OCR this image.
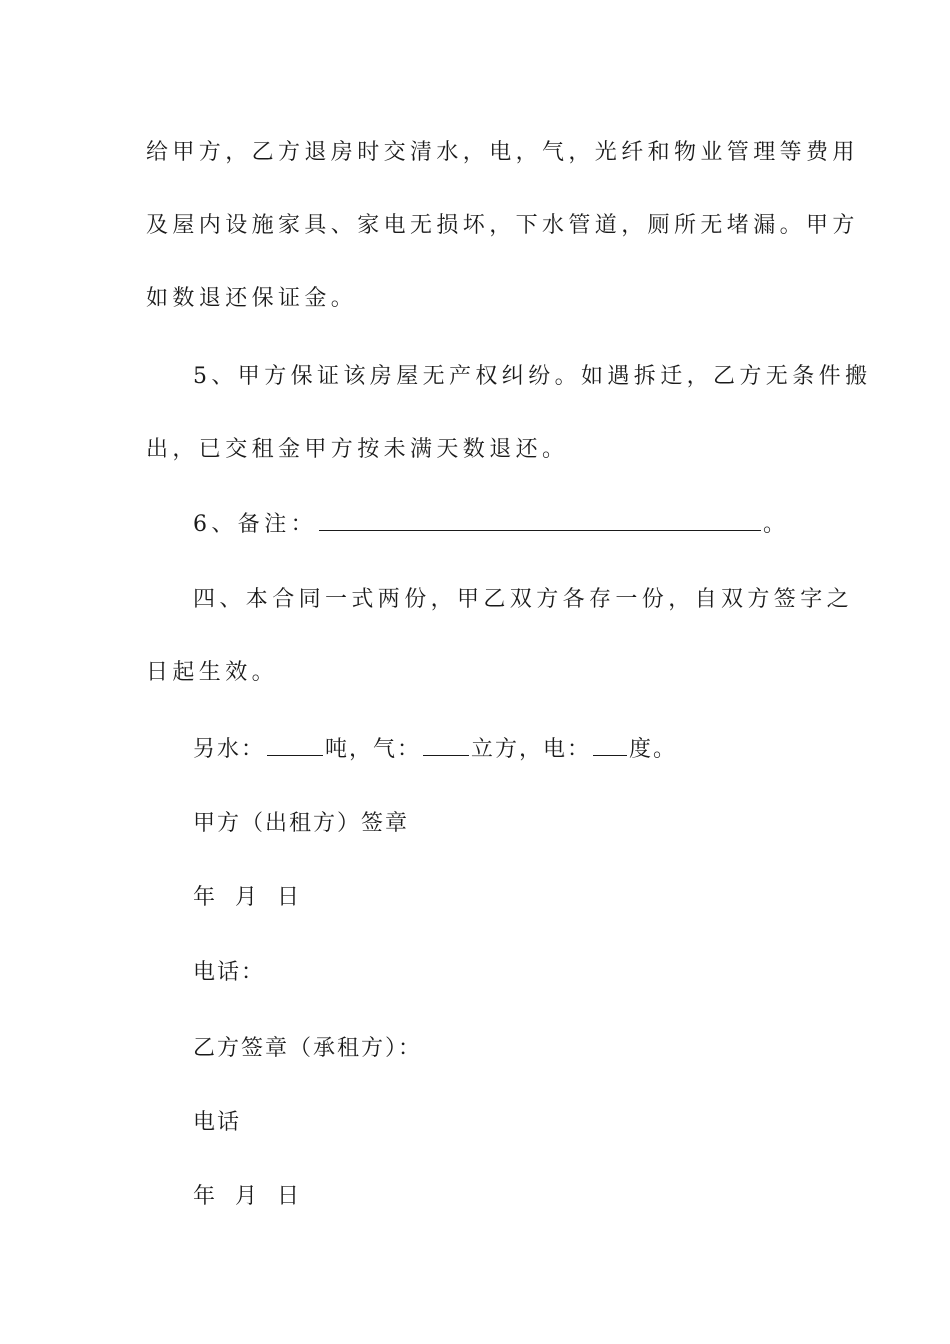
给甲方，乙方退房时交清水，电，气，光纤和物业管理等费用
及屋内设施家具、家电无损坏，下水管道，厕所无堵漏。甲方
如数退还保证金。
5、甲方保证该房屋无产权纠纷。如遇拆迁，乙方无条件搬
出，已交租金甲方按未满天数退还。
6、备注：	。
四、本合同一式两份，甲乙双方各存一份，自双方签字之
日起生效。
另水：	吨，气： 立方，电： 度。
甲方（出租方）签章
年  月  日
电话：
乙方签章（承租方）：
电话
年  月  日
